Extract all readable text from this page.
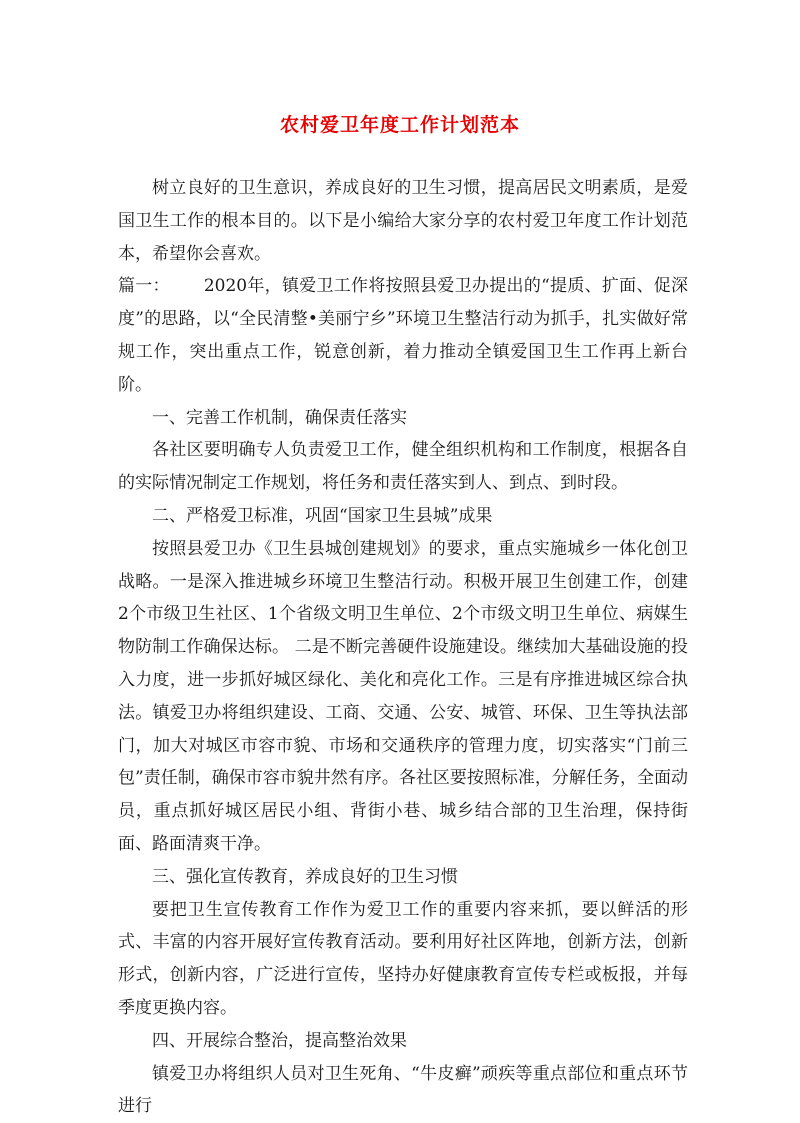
农村爱卫年度工作计划范本

树立良好的卫生意识，养成良好的卫生习惯，提高居民文明素质，是爱国卫生工作的根本目的。以下是小编给大家分享的农村爱卫年度工作计划范本，希望你会喜欢。

篇一： 2020年，镇爱卫工作将按照县爱卫办提出的“提质、扩面、促深度”的思路，以“全民清整•美丽宁乡”环境卫生整洁行动为抓手，扎实做好常规工作，突出重点工作，锐意创新，着力推动全镇爱国卫生工作再上新台阶。

一、完善工作机制，确保责任落实

各社区要明确专人负责爱卫工作，健全组织机构和工作制度，根据各自的实际情况制定工作规划，将任务和责任落实到人、到点、到时段。

二、严格爱卫标准，巩固“国家卫生县城”成果

按照县爱卫办《卫生县城创建规划》的要求，重点实施城乡一体化创卫战略。一是深入推进城乡环境卫生整洁行动。积极开展卫生创建工作，创建2个市级卫生社区、1个省级文明卫生单位、2个市级文明卫生单位、病媒生物防制工作确保达标。 二是不断完善硬件设施建设。继续加大基础设施的投入力度，进一步抓好城区绿化、美化和亮化工作。三是有序推进城区综合执法。镇爱卫办将组织建设、工商、交通、公安、城管、环保、卫生等执法部门，加大对城区市容市貌、市场和交通秩序的管理力度，切实落实“门前三包”责任制，确保市容市貌井然有序。各社区要按照标准，分解任务，全面动员，重点抓好城区居民小组、背街小巷、城乡结合部的卫生治理，保持街面、路面清爽干净。

三、强化宣传教育，养成良好的卫生习惯

要把卫生宣传教育工作作为爱卫工作的重要内容来抓，要以鲜活的形式、丰富的内容开展好宣传教育活动。要利用好社区阵地，创新方法，创新形式，创新内容，广泛进行宣传，坚持办好健康教育宣传专栏或板报，并每季度更换内容。

四、开展综合整治，提高整治效果

镇爱卫办将组织人员对卫生死角、“牛皮癣”顽疾等重点部位和重点环节进行
